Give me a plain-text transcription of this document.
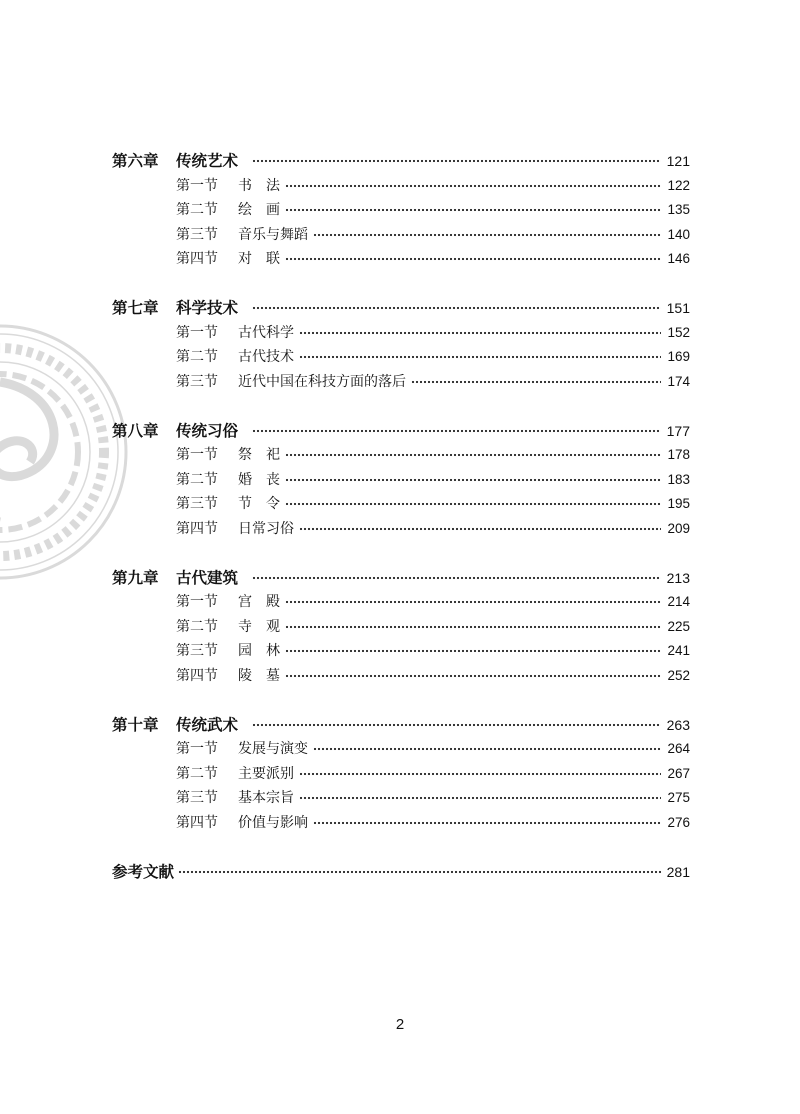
第六章	传统艺术	121
第一节	书　法	122
第二节	绘　画	135
第三节	音乐与舞蹈	140
第四节	对　联	146
第七章	科学技术	151
第一节	古代科学	152
第二节	古代技术	169
第三节	近代中国在科技方面的落后	174
第八章	传统习俗	177
第一节	祭　祀	178
第二节	婚　丧	183
第三节	节　令	195
第四节	日常习俗	209
第九章	古代建筑	213
第一节	宫　殿	214
第二节	寺　观	225
第三节	园　林	241
第四节	陵　墓	252
第十章	传统武术	263
第一节	发展与演变	264
第二节	主要派别	267
第三节	基本宗旨	275
第四节	价值与影响	276
参考文献	281
2
